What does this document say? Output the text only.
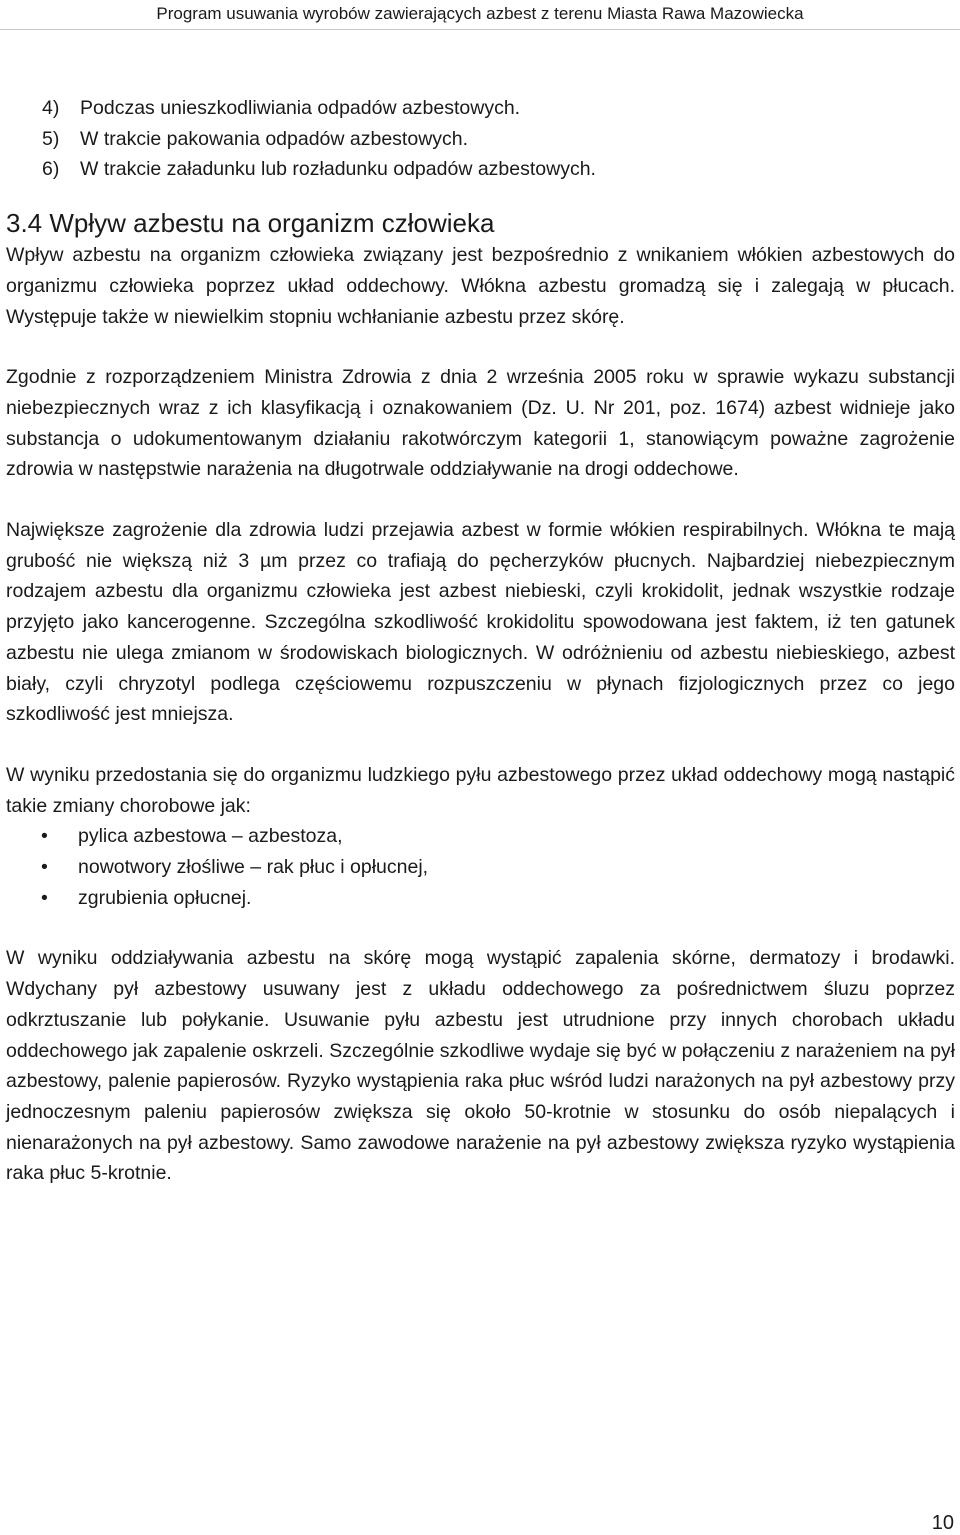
Program usuwania wyrobów zawierających azbest z terenu Miasta Rawa Mazowiecka
4) Podczas unieszkodliwiania odpadów azbestowych.
5) W trakcie pakowania odpadów azbestowych.
6) W trakcie załadunku lub rozładunku odpadów azbestowych.
3.4 Wpływ azbestu na organizm człowieka

Wpływ azbestu na organizm człowieka związany jest bezpośrednio z wnikaniem włókien azbestowych do organizmu człowieka poprzez układ oddechowy. Włókna azbestu gromadzą się i zalegają w płucach. Występuje także w niewielkim stopniu wchłanianie azbestu przez skórę.

Zgodnie z rozporządzeniem Ministra Zdrowia z dnia 2 września 2005 roku w sprawie wykazu substancji niebezpiecznych wraz z ich klasyfikacją i oznakowaniem (Dz. U. Nr 201, poz. 1674) azbest widnieje jako substancja o udokumentowanym działaniu rakotwórczym kategorii 1, stanowiącym poważne zagrożenie zdrowia w następstwie narażenia na długotrwale oddziaływanie na drogi oddechowe.

Największe zagrożenie dla zdrowia ludzi przejawia azbest w formie włókien respirabilnych. Włókna te mają grubość nie większą niż 3 µm przez co trafiają do pęcherzyków płucnych. Najbardziej niebezpiecznym rodzajem azbestu dla organizmu człowieka jest azbest niebieski, czyli krokidolit, jednak wszystkie rodzaje przyjęto jako kancerogenne. Szczególna szkodliwość krokidolitu spowodowana jest faktem, iż ten gatunek azbestu nie ulega zmianom w środowiskach biologicznych. W odróżnieniu od azbestu niebieskiego, azbest biały, czyli chryzotyl podlega częściowemu rozpuszczeniu w płynach fizjologicznych przez co jego szkodliwość jest mniejsza.

W wyniku przedostania się do organizmu ludzkiego pyłu azbestowego przez układ oddechowy mogą nastąpić takie zmiany chorobowe jak:

• pylica azbestowa – azbestoza,
• nowotwory złośliwe – rak płuc i opłucnej,
• zgrubienia opłucnej.

W wyniku oddziaływania azbestu na skórę mogą wystąpić zapalenia skórne, dermatozy i brodawki. Wdychany pył azbestowy usuwany jest z układu oddechowego za pośrednictwem śluzu poprzez odkrztuszanie lub połykanie. Usuwanie pyłu azbestu jest utrudnione przy innych chorobach układu oddechowego jak zapalenie oskrzeli. Szczególnie szkodliwe wydaje się być w połączeniu z narażeniem na pył azbestowy, palenie papierosów. Ryzyko wystąpienia raka płuc wśród ludzi narażonych na pył azbestowy przy jednoczesnym paleniu papierosów zwiększa się około 50-krotnie w stosunku do osób niepalących i nienarażonych na pył azbestowy. Samo zawodowe narażenie na pył azbestowy zwiększa ryzyko wystąpienia raka płuc 5-krotnie.

10
